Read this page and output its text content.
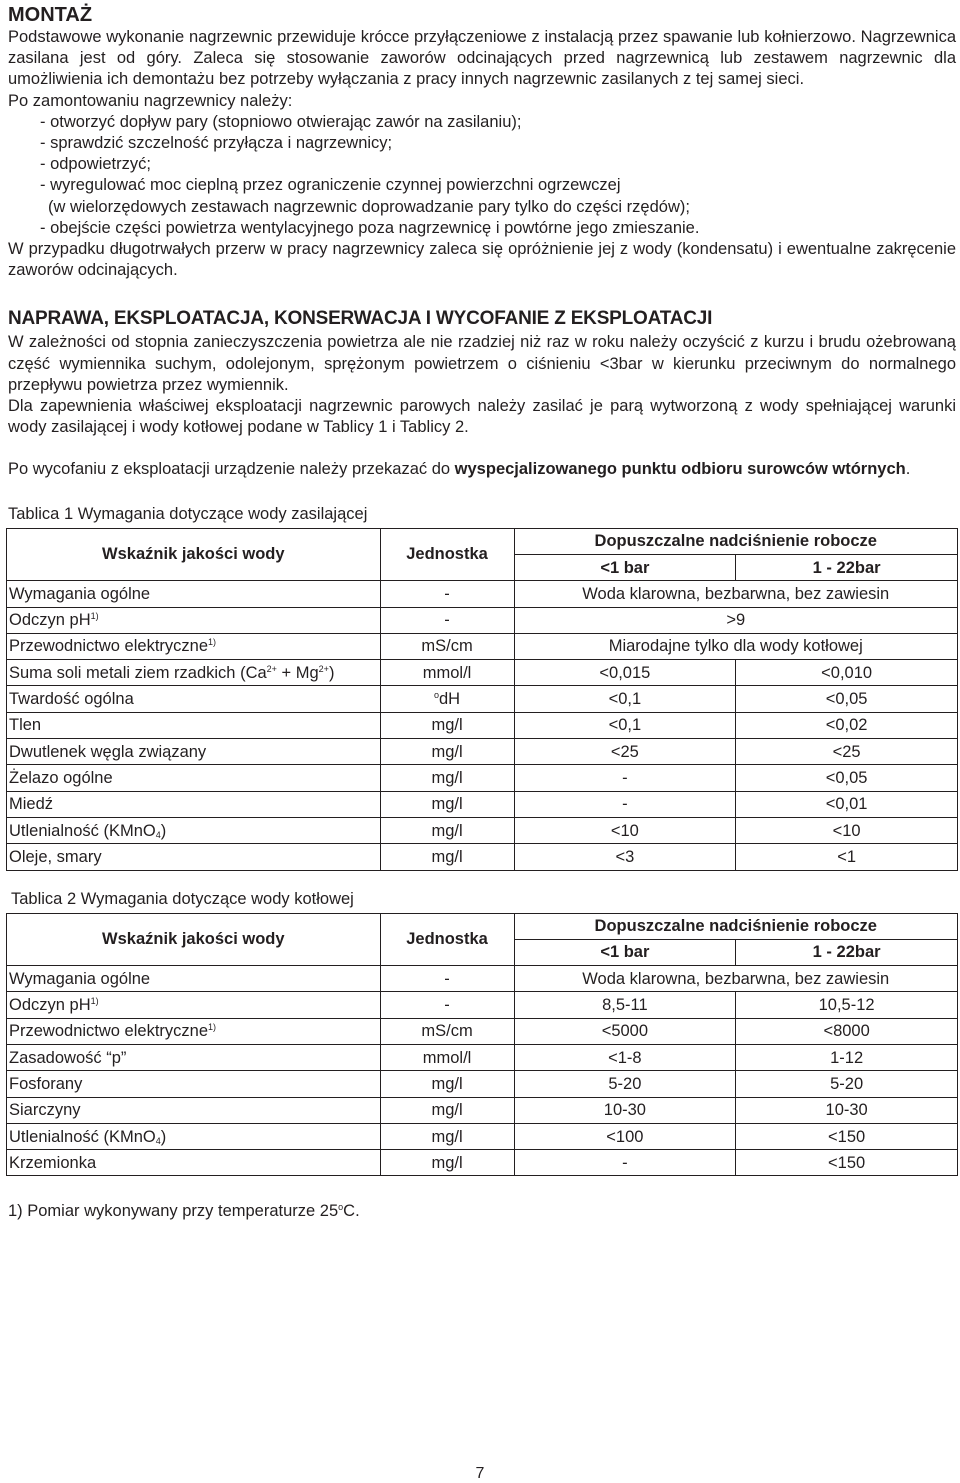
MONTAŻ

Podstawowe wykonanie nagrzewnic przewiduje krócce przyłączeniowe z instalacją przez spawanie lub kołnierzowo. Nagrzewnica zasilana jest od góry. Zaleca się stosowanie zaworów odcinających przed nagrzewnicą lub zestawem nagrzewnic dla umożliwienia ich demontażu bez potrzeby wyłączania z pracy innych nagrzewnic zasilanych z tej samej sieci.

Po zamontowaniu nagrzewnicy należy:

- otworzyć dopływ pary (stopniowo otwierając zawór na zasilaniu);
- sprawdzić szczelność przyłącza i nagrzewnicy;
- odpowietrzyć;
- wyregulować moc cieplną przez ograniczenie czynnej powierzchni ogrzewczej
(w wielorzędowych zestawach nagrzewnic doprowadzanie pary tylko do części rzędów);
- obejście części powietrza wentylacyjnego poza nagrzewnicę i powtórne jego zmieszanie.

W przypadku długotrwałych przerw w pracy nagrzewnicy zaleca się opróżnienie jej z wody (kondensatu) i ewentualne zakręcenie zaworów odcinających.

NAPRAWA, EKSPLOATACJA, KONSERWACJA I WYCOFANIE Z EKSPLOATACJI

W zależności od stopnia zanieczyszczenia powietrza ale nie rzadziej niż raz w roku należy oczyścić z kurzu i brudu ożebrowaną część wymiennika suchym, odolejonym, sprężonym powietrzem o ciśnieniu <3bar w kierunku przeciwnym do normalnego przepływu powietrza przez wymiennik.

Dla zapewnienia właściwej eksploatacji nagrzewnic parowych należy zasilać je parą wytworzoną z wody spełniającej warunki wody zasilającej i wody kotłowej podane w Tablicy 1 i Tablicy 2.

Po wycofaniu z eksploatacji urządzenie należy przekazać do wyspecjalizowanego punktu odbioru surowców wtórnych.

Tablica 1 Wymagania dotyczące wody zasilającej
Wskaźnik jakości wody	Jednostka	Dopuszczalne nadciśnienie robocze	
		<1 bar	1 - 22bar
Wymagania ogólne	-	Woda klarowna, bezbarwna, bez zawiesin	
Odczyn $pH^{1)}$	-	>9	
Przewodnictwo elektryczne$^{1)}$	mS/cm	Miarodajne tylko dla wody kotłowej	
Suma soli metali ziem rzadkich $(Ca^{2+} + Mg^{2+})$	mmol/l	<0,015	<0,010
Twardość ogólna	$^o$dH	<0,1	<0,05
Tlen	mg/l	<0,1	<0,02
Dwutlenek węgla związany	mg/l	<25	<25
Żelazo ogólne	mg/l	-	<0,05
Miedź	mg/l	-	<0,01
Utlenialność (KMnO$_4$)	mg/l	<10	<10
Oleje, smary	mg/l	<3	<1
Tablica 2 Wymagania dotyczące wody kotłowej
Wskaźnik jakości wody	Jednostka	Dopuszczalne nadciśnienie robocze	
		<1 bar	1 - 22bar
Wymagania ogólne	-	Woda klarowna, bezbarwna, bez zawiesin	
Odczyn $pH^{1)}$	-	8,5-11	10,5-12
Przewodnictwo elektryczne$^{1)}$	mS/cm	<5000	<8000
Zasadowość “p”	mmol/l	<1-8	1-12
Fosforany	mg/l	5-20	5-20
Siarczyny	mg/l	10-30	10-30
Utlenialność (KMnO$_4$)	mg/l	<100	<150
Krzemionka	mg/l	-	<150
1) Pomiar wykonywany przy temperaturze 25$^o$C.
7
